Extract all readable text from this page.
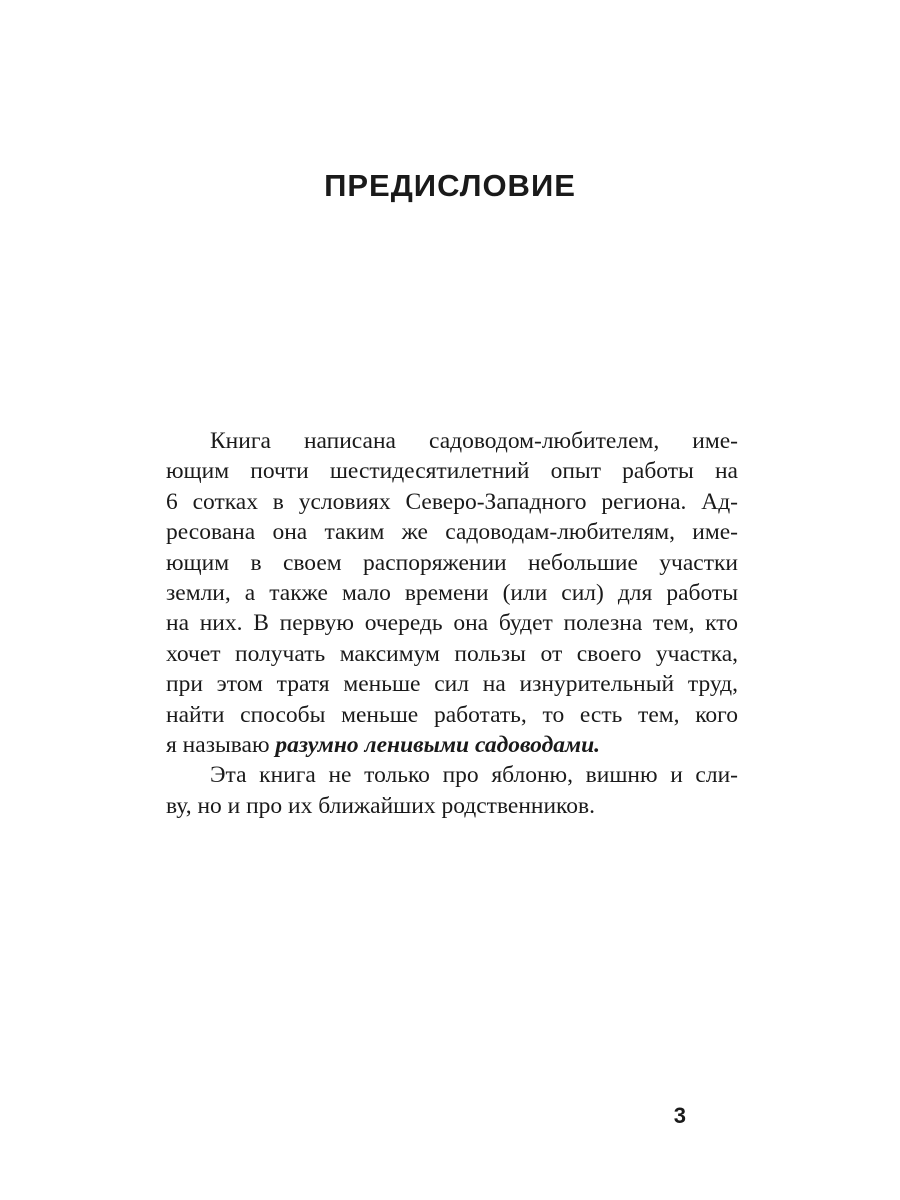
ПРЕДИСЛОВИЕ

Книга написана садоводом-любителем, име-
ющим почти шестидесятилетний опыт работы на
6 сотках в условиях Северо-Западного региона. Ад-
ресована она таким же садоводам-любителям, име-
ющим в своем распоряжении небольшие участки
земли, а также мало времени (или сил) для работы
на них. В первую очередь она будет полезна тем, кто
хочет получать максимум пользы от своего участка,
при этом тратя меньше сил на изнурительный труд,
найти способы меньше работать, то есть тем, кого
я называю разумно ленивыми садоводами.

Эта книга не только про яблоню, вишню и сли-
ву, но и про их ближайших родственников.

3
